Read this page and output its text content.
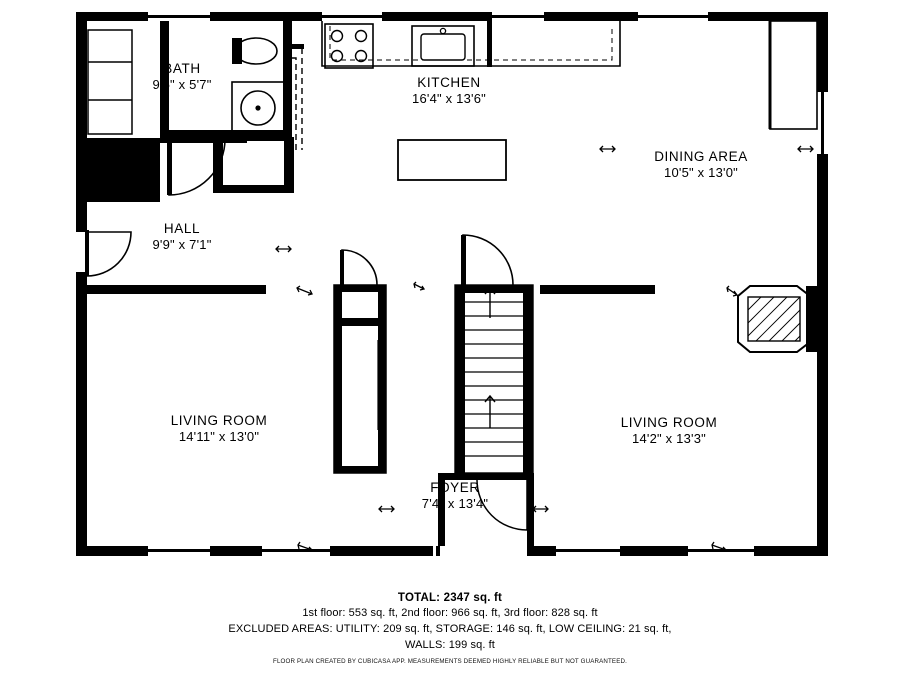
BATH
9'5" x 5'7"	KITCHEN
16'4" x 13'6"
DINING AREA
10'5" x 13'0"
HALL
9'9" x 7'1"
LIVING ROOM
14'11" x 13'0"
LIVING ROOM
14'2" x 13'3"
FOYER
7'4" x 13'4"
TOTAL: 2347 sq. ft
1st floor: 553 sq. ft, 2nd floor: 966 sq. ft, 3rd floor: 828 sq. ft
EXCLUDED AREAS: UTILITY: 209 sq. ft, STORAGE: 146 sq. ft, LOW CEILING: 21 sq. ft,
WALLS: 199 sq. ft
FLOOR PLAN CREATED BY CUBICASA APP. MEASUREMENTS DEEMED HIGHLY RELIABLE BUT NOT GUARANTEED.
